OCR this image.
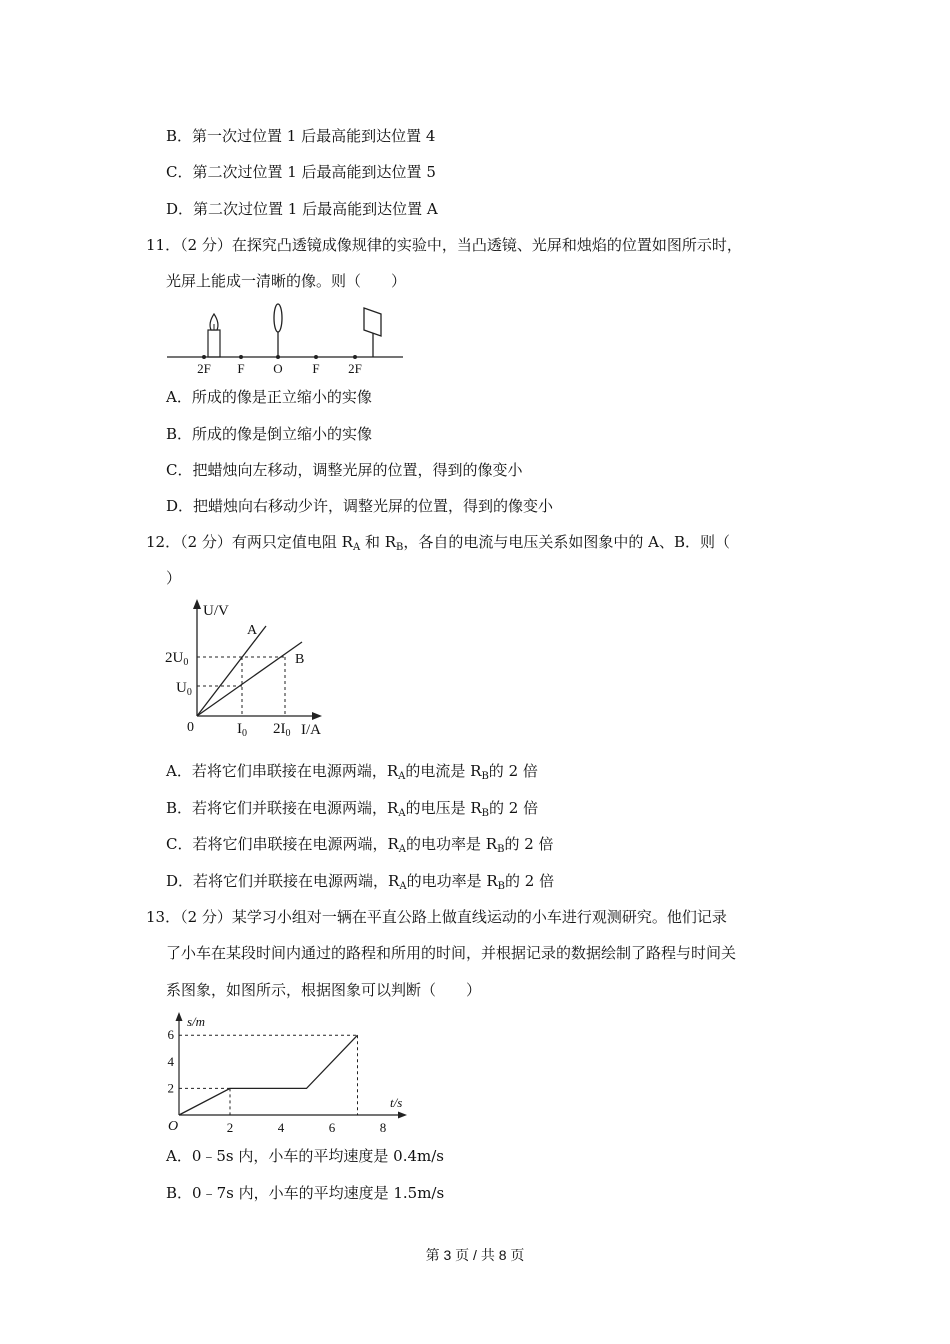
B．第一次过位置 1 后最高能到达位置 4
C．第二次过位置 1 后最高能到达位置 5
D．第二次过位置 1 后最高能到达位置 A
11．（2 分）在探究凸透镜成像规律的实验中，当凸透镜、光屏和烛焰的位置如图所示时，
光屏上能成一清晰的像。则（　　）
2F F O F 2F
A．所成的像是正立缩小的实像
B．所成的像是倒立缩小的实像
C．把蜡烛向左移动，调整光屏的位置，得到的像变小
D．把蜡烛向右移动少许，调整光屏的位置，得到的像变小
12．（2 分）有两只定值电阻 $R_A$ 和 $R_B$，各自的电流与电压关系如图象中的 A、B．则（
）
U/V
I/A
0
A
B
$2U_0$
$U_0$
$I_0$ $2I_0$
A．若将它们串联接在电源两端，$R_A$的电流是 $R_B$的 2 倍
B．若将它们并联接在电源两端，$R_A$的电压是 $R_B$的 2 倍
C．若将它们串联接在电源两端，$R_A$的电功率是 $R_B$的 2 倍
D．若将它们并联接在电源两端，$R_A$的电功率是 $R_B$的 2 倍
13．（2 分）某学习小组对一辆在平直公路上做直线运动的小车进行观测研究。他们记录
了小车在某段时间内通过的路程和所用的时间，并根据记录的数据绘制了路程与时间关
系图象，如图所示，根据图象可以判断（　　）
2	4	6	8
2
4
6
s/m
t/s
O
A．0﹣5s 内，小车的平均速度是 0.4m/s
B．0﹣7s 内，小车的平均速度是 1.5m/s
第 3 页 / 共 8 页
